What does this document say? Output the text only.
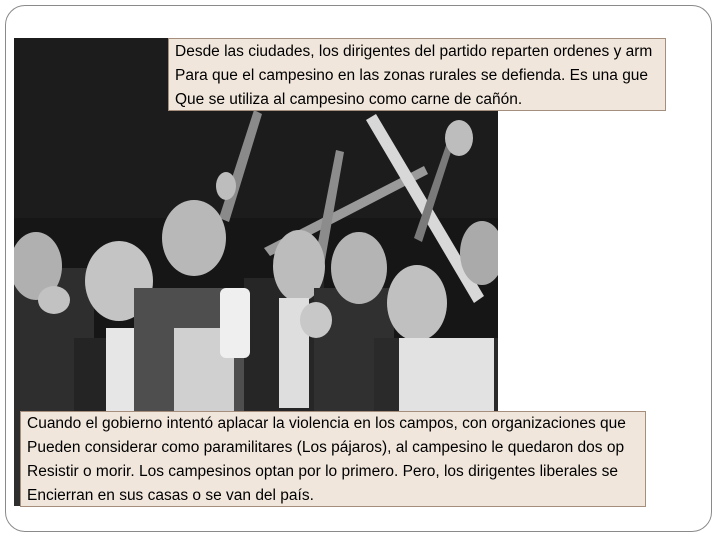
Desde las ciudades, los dirigentes del partido reparten ordenes y arm
Para que el campesino en las zonas rurales se defienda. Es una gue
Que se utiliza al campesino como carne de cañón.
Cuando el gobierno intentó aplacar la violencia en los campos, con organizaciones que
Pueden considerar como paramilitares (Los pájaros), al campesino le quedaron dos op
Resistir o morir. Los campesinos optan por lo primero. Pero, los dirigentes liberales se
Encierran en sus casas o se van del país.
